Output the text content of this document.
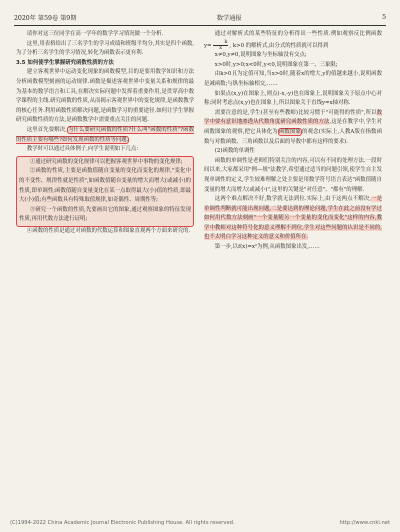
2020年 第59卷 第9期	数学通报	5

请你对这三位同学在高一学年的数学学习情况做一个分析.

这里,用表格给出了三名学生的学习成绩和班级平均分,其实是四个函数,为了分析三名学生的学习情况,转化为函数表示更有利.

3.5 如何使学生掌握研究函数性质的方法

建立客观世界中运动变化现象的函数模型,目的是要用数学知识和方法分析函数模型刻画的运动规律.函数是描述客观世界中变量关系和规律的最为基本的数学语言和工具,在解决实际问题中发挥着重要作用,是贯穿高中数学课程的主线.研究函数的性质,从而揭示客观世界中的变化规律,是函数教学的核心任务.利用函数性质解决问题,是函数学习的重要途径.如何让学生掌握研究函数性质的方法,是函数教学中需要重点关注的问题.

这里首先要解决,为什么要研究函数的性质?什么叫"函数的性质"?函数的性质主要有哪些?如何发现函数的性质等问题.

教学时可以通过具体例子,向学生说明如下几点:

①通过研究函数的变化规律可以把握客观世界中事物的变化规律;

②函数的性质,主要是函数值随自变量的变化而变化的规律,"变化中的不变性、规律性就是性质",如函数值随自变量的增大而增大(或减小)的性质,即单调性;函数值随自变量变化在某一点取得最大(小)值的性质,即最大(小)值;有些函数具有特殊取值规律,如奇偶性、周期性等;

③研究一个函数的性质,先要画出它的图象,通过观察图象的特征发现性质,再用代数方法进行证明;

④函数的性质是通过对函数的代数运算和图象直观两个方面来研究的.

通过对解析式的某些特征的分析得出一些性质.例如观察反比例函数 $y= \frac{k}{x}$, k>0 的解析式,由分式的性质就可以得到

x≠0,y≠0,说明图象与坐标轴没有交点;

x>0时,y>0;x<0时,y<0,说明图象在第一、三象限;

由k>0且为定值可知,当x>0时,随着x的增大,y的值越来越小,说明函数是减函数;与纵坐标轴相交,……

如果点(x,y)在图象上,则点(-x,-y)也在图象上,说明图象关于原点中心对称;同时考虑点(x,y)也在图象上,所以图象关于直线y=x轴对称.

需要注意的是,学生(甚至有些教师)比较习惯于"可能得的性质",所以数学中要有意识地渗透从代数角度研究函数性质的方法,这是在教学中,学生对函数图象的观察,把它具体化为函数图象的观念(实际上,人教A版在指数函数与对数函数、三角函数以及后面的导数中都有这样的要求).

(2)函数的单调性

函数的单调性是老师们特别关注的内容,可以有不同的处理方法.一段时间以来,大家都采用"例—规"法教学,希望通过适当的问题引领,使学生自主发现单调性的定义,学生较难理解之处主要是用数学符号语言表达"函数值随自变量的增大而增大(或减小)",这里的关键是"对任意"、"都有"的理解.

这两个难点解决不好,数学就无法到位.实际上,由于这两点不解决,一是单调性判断就可能出现问题,二是要达到的理论问题,学生在此之前没有学过如何用代数方法刻画"一个变量随另一个变量的变化而变化"这样的内容,教学中教师对这种符号化的意义理解不到位,学生对这些问题的认识是不同的,也不太明白学习这种定义的意义和价值所在.

第一步,以f(x)=x²为例,从函数图象出发,……

(C)1994-2022 China Academic Journal Electronic Publishing House. All rights reserved.	http://www.cnki.net
